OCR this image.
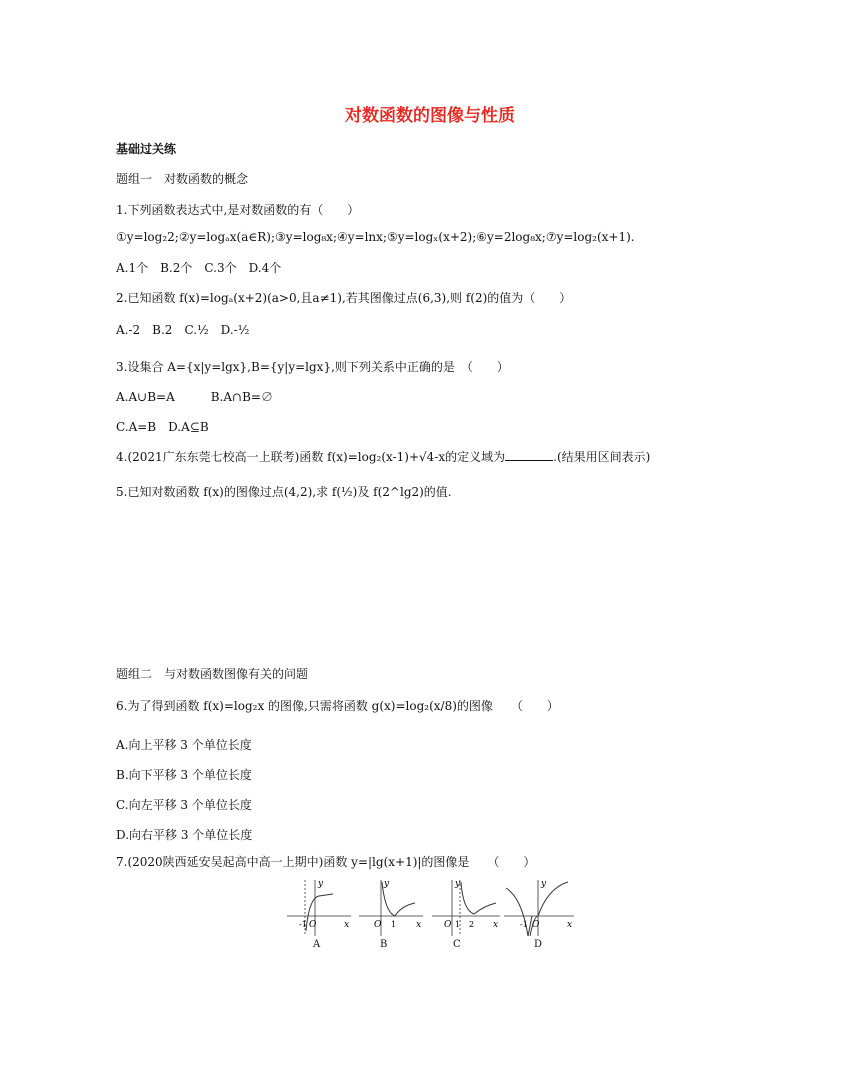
对数函数的图像与性质
基础过关练
题组一　对数函数的概念
1.下列函数表达式中,是对数函数的有（　　）
①y=log₂2;②y=logₐx(a∈R);③y=log₈x;④y=lnx;⑤y=logₓ(x+2);⑥y=2log₈x;⑦y=log₂(x+1).
A.1个　B.2个　C.3个　D.4个
2.已知函数 f(x)=logₐ(x+2)(a>0,且a≠1),若其图像过点(6,3),则 f(2)的值为（　　）
A.-2　B.2　C.½　D.-½
3.设集合 A={x|y=lgx},B={y|y=lgx},则下列关系中正确的是　（　　）
A.A∪B=A　　　B.A∩B=∅
C.A=B　D.A⊆B
4.(2021广东东莞七校高一上联考)函数 f(x)=log₂(x-1)+√4-x的定义域为	.(结果用区间表示)
5.已知对数函数 f(x)的图像过点(4,2),求 f(½)及 f(2^lg2)的值.
题组二　与对数函数图像有关的问题
6.为了得到函数 f(x)=log₂x 的图像,只需将函数 g(x)=log₂(x/8)的图像　　（　　）
A.向上平移 3 个单位长度
B.向下平移 3 个单位长度
C.向左平移 3 个单位长度
D.向右平移 3 个单位长度
7.(2020陕西延安吴起高中高一上期中)函数 y=|lg(x+1)|的图像是　　（　　）
-1 O
y
x
A
O 1
y
x
B
O 1 2
y
x
C
-1 O
y
x
D
